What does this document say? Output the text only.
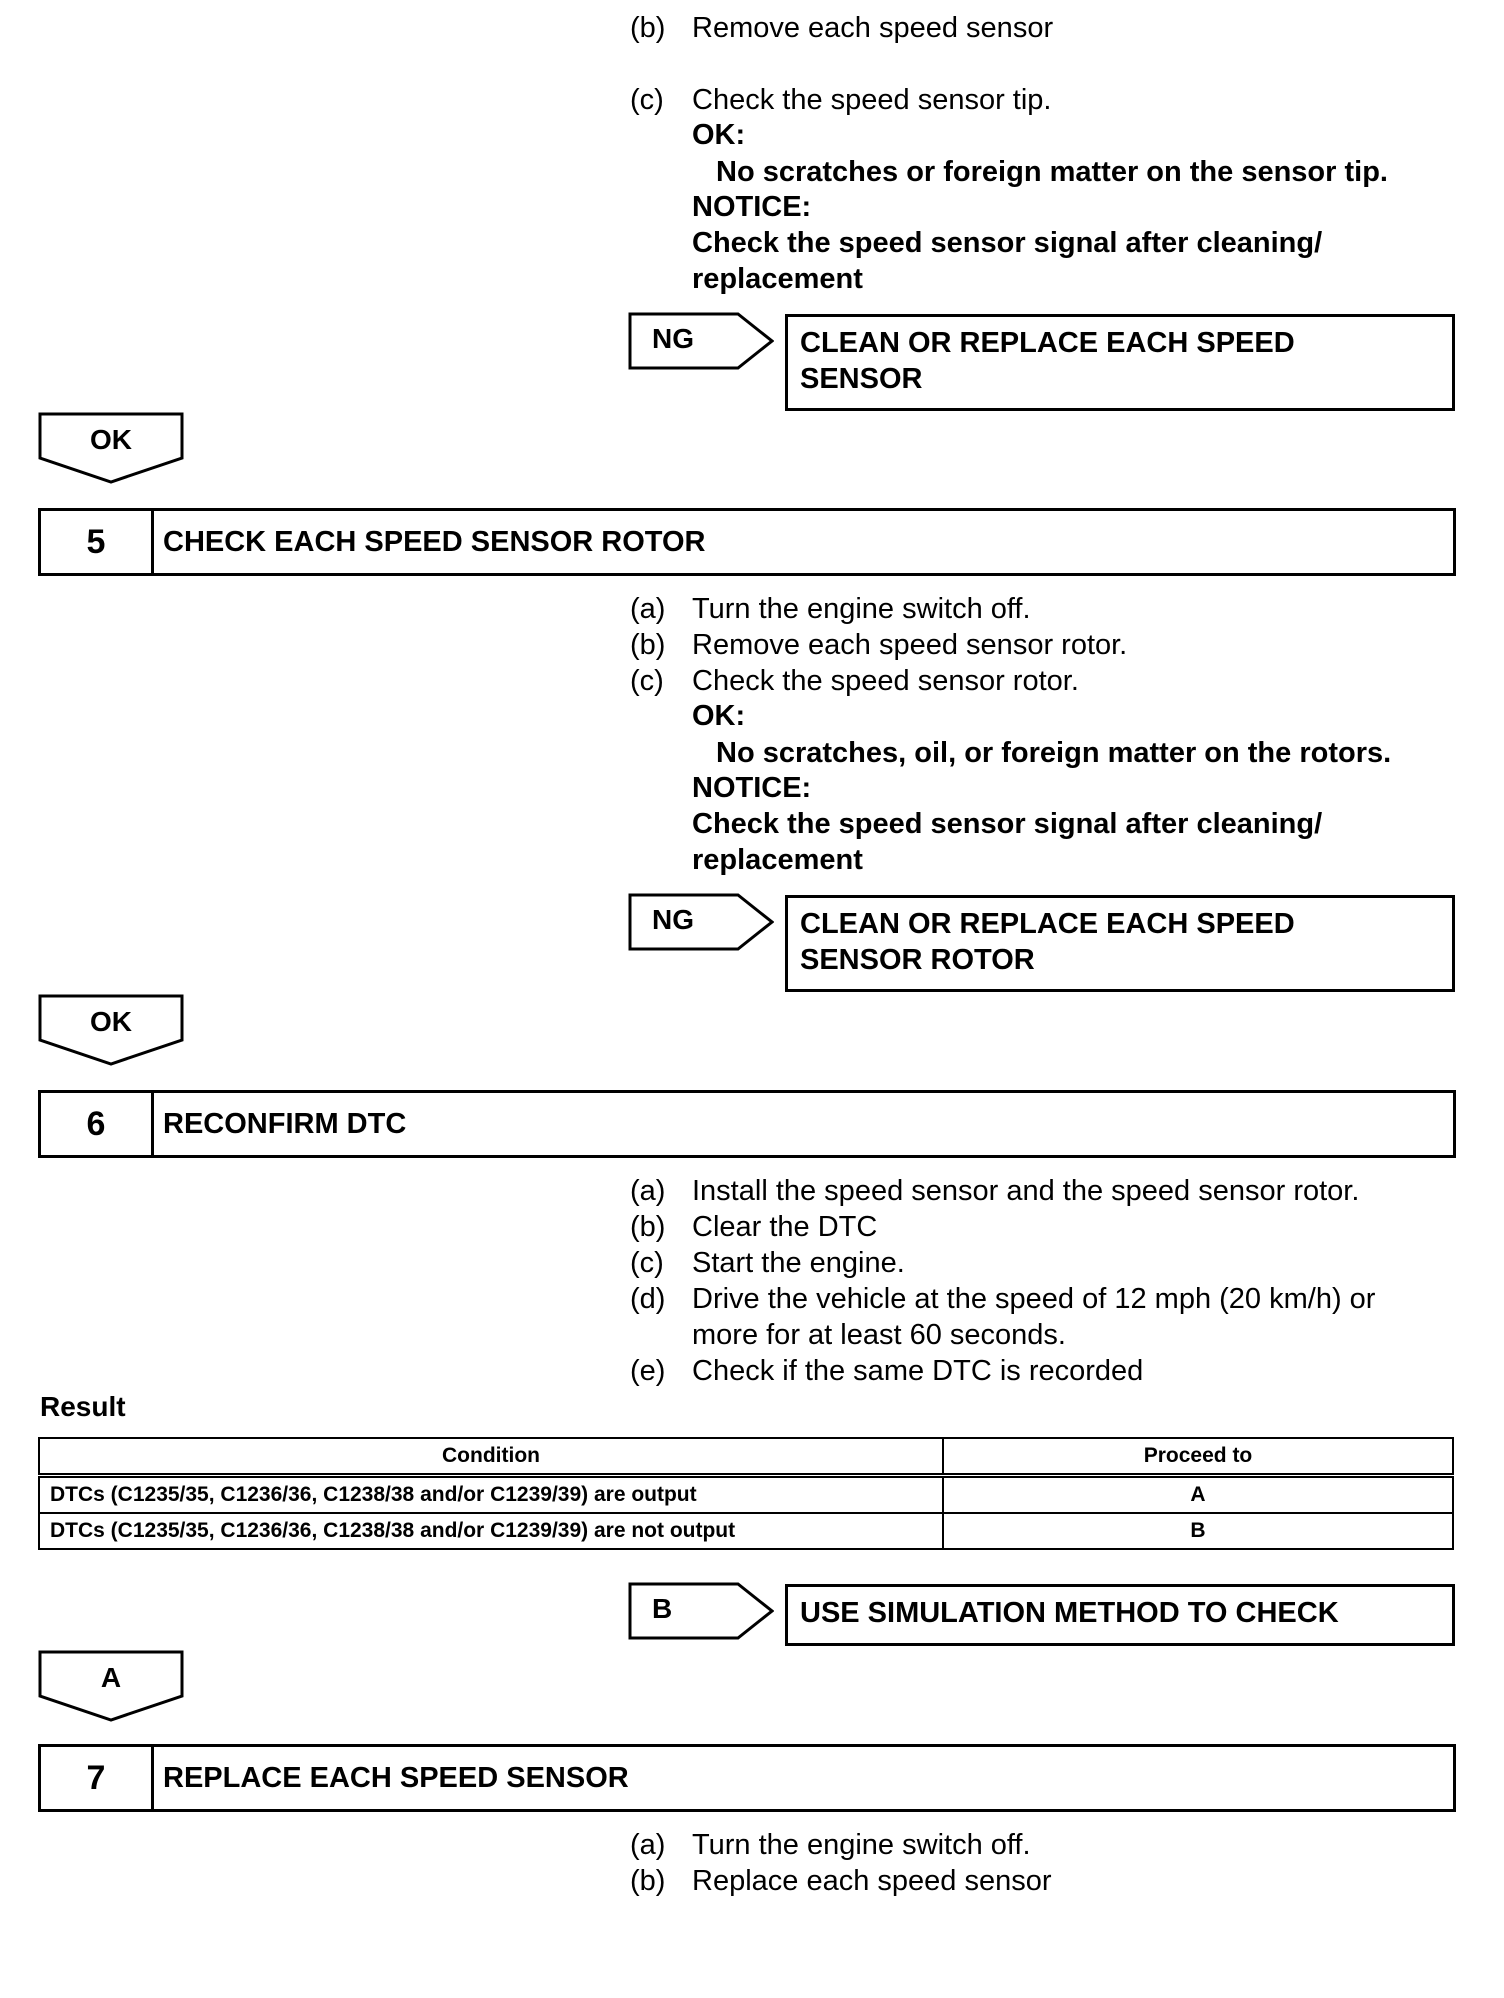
(b) Remove each speed sensor
(c) Check the speed sensor tip.
OK:
No scratches or foreign matter on the sensor tip.
NOTICE:
Check the speed sensor signal after cleaning/
replacement
NG	CLEAN OR REPLACE EACH SPEED
SENSOR
OK
5	CHECK EACH SPEED SENSOR ROTOR
(a) Turn the engine switch off.
(b) Remove each speed sensor rotor.
(c) Check the speed sensor rotor.
OK:
No scratches, oil, or foreign matter on the rotors.
NOTICE:
Check the speed sensor signal after cleaning/
replacement
NG	CLEAN OR REPLACE EACH SPEED
SENSOR ROTOR
OK
6	RECONFIRM DTC
(a) Install the speed sensor and the speed sensor rotor.
(b) Clear the DTC
(c) Start the engine.
(d) Drive the vehicle at the speed of 12 mph (20 km/h) or
more for at least 60 seconds.
(e) Check if the same DTC is recorded
Result
Condition	Proceed to
DTCs (C1235/35, C1236/36, C1238/38 and/or C1239/39) are output	A
DTCs (C1235/35, C1236/36, C1238/38 and/or C1239/39) are not output	B
B	USE SIMULATION METHOD TO CHECK
A
7	REPLACE EACH SPEED SENSOR
(a) Turn the engine switch off.
(b) Replace each speed sensor
